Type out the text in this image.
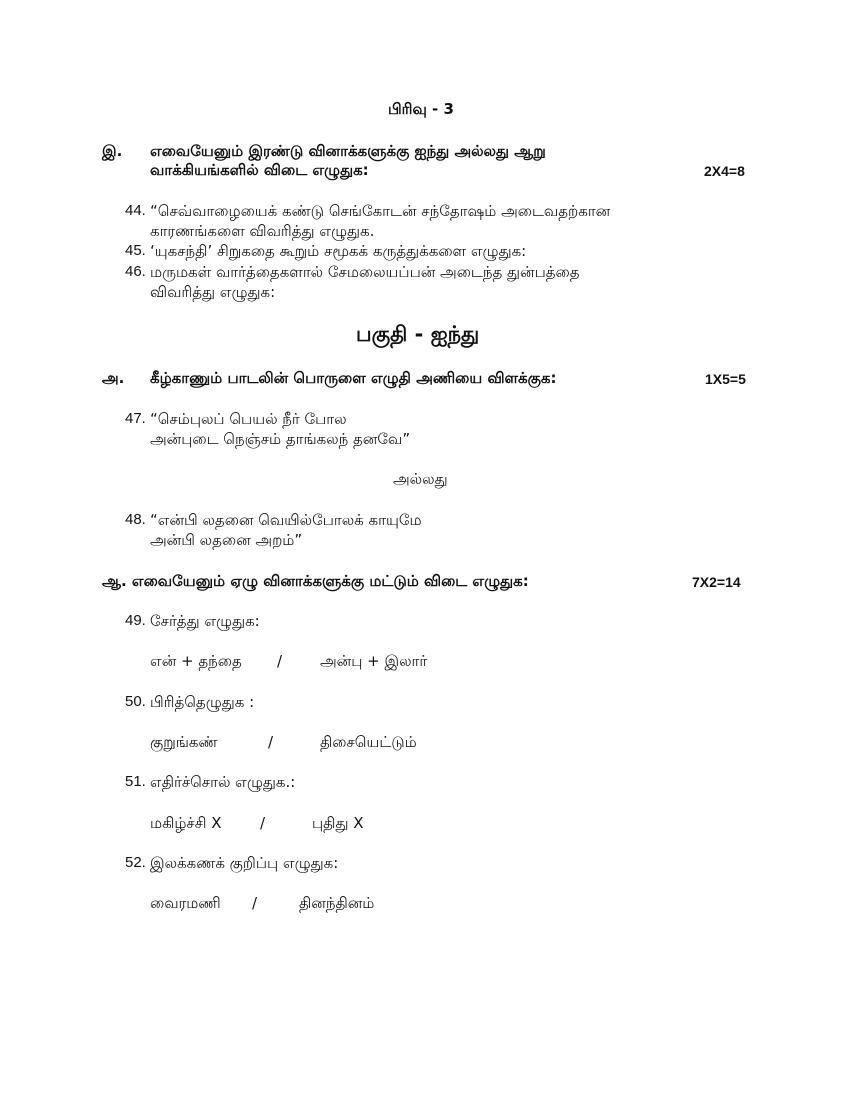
பிரிவு - 3
இ. எவையேனும் இரண்டு வினாக்களுக்கு ஐந்து அல்லது ஆறு
வாக்கியங்களில் விடை எழுதுக:	2X4=8
44. “செவ்வாழையைக் கண்டு செங்கோடன் சந்தோஷம் அடைவதற்கான
காரணங்களை விவரித்து எழுதுக.
45. ‘யுகசந்தி’ சிறுகதை கூறும் சமூகக் கருத்துக்களை எழுதுக:
46. மருமகள் வார்த்தைகளால் சேமலையப்பன் அடைந்த துன்பத்தை
விவரித்து எழுதுக:
பகுதி - ஐந்து
அ. கீழ்காணும் பாடலின் பொருளை எழுதி அணியை விளக்குக:	1X5=5
47. “செம்புலப் பெயல் நீர் போல
அன்புடை நெஞ்சம் தாங்கலந் தனவே”
அல்லது
48. “என்பி லதனை வெயில்போலக் காயுமே
அன்பி லதனை அறம்”
ஆ. எவையேனும் ஏழு வினாக்களுக்கு மட்டும் விடை எழுதுக:	7X2=14
49. சேர்த்து எழுதுக:
என் + தந்தை /	அன்பு + இலார்
50. பிரித்தெழுதுக :
குறுங்கண்	/	திசையெட்டும்
51. எதிர்ச்சொல் எழுதுக.:
மகிழ்ச்சி X	/	புதிது X
52. இலக்கணக் குறிப்பு எழுதுக:
வைரமணி /	தினந்தினம்
